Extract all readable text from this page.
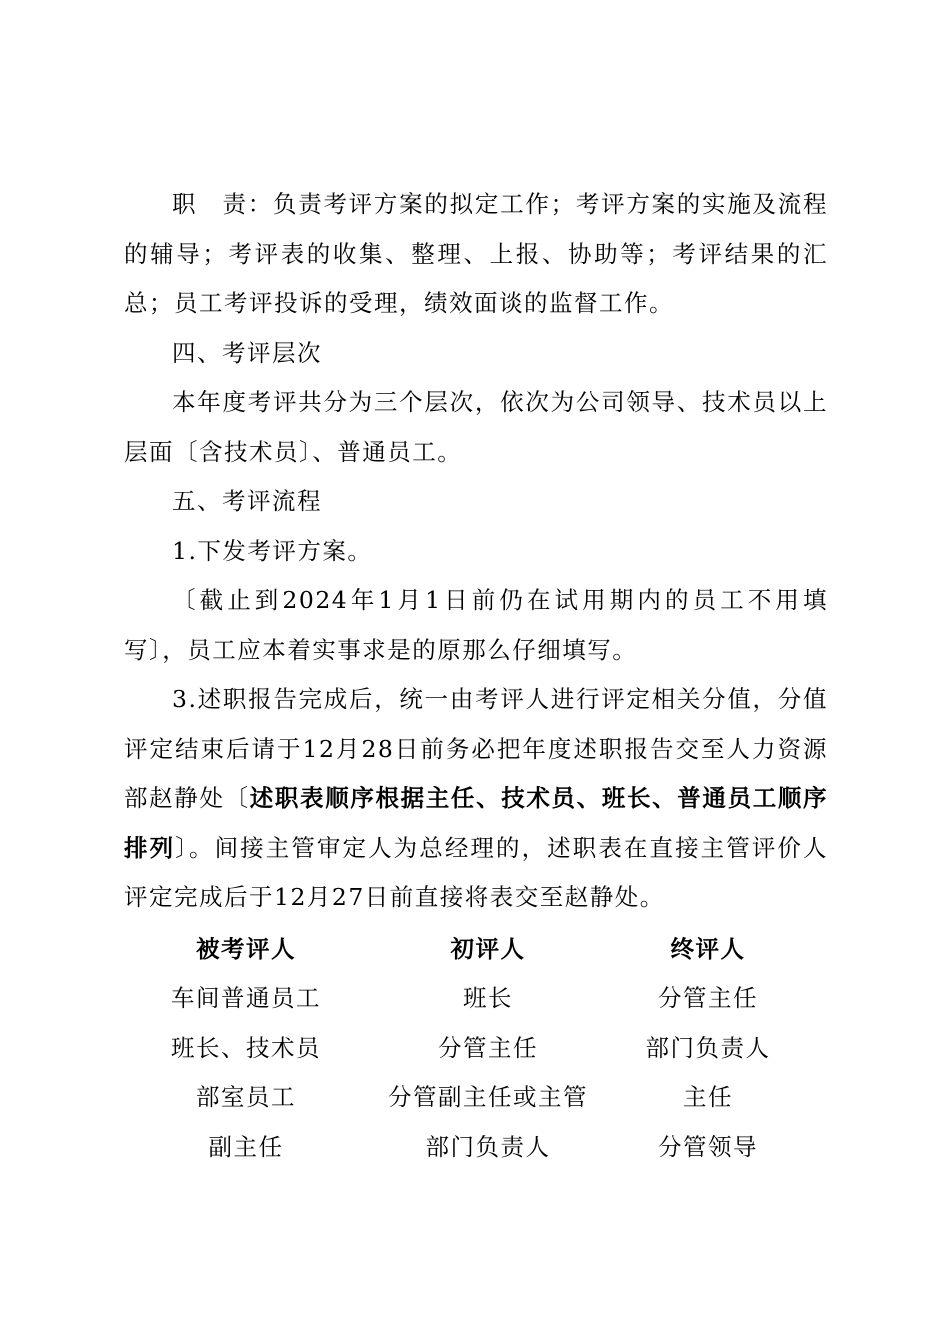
职　责：负责考评方案的拟定工作；考评方案的实施及流程的辅导；考评表的收集、整理、上报、协助等；考评结果的汇总；员工考评投诉的受理，绩效面谈的监督工作。

四、考评层次

本年度考评共分为三个层次，依次为公司领导、技术员以上层面〔含技术员〕、普通员工。

五、考评流程

1.下发考评方案。

〔截止到2024年1月1日前仍在试用期内的员工不用填写〕，员工应本着实事求是的原那么仔细填写。

3.述职报告完成后，统一由考评人进行评定相关分值，分值评定结束后请于12月28日前务必把年度述职报告交至人力资源部赵静处〔述职表顺序根据主任、技术员、班长、普通员工顺序排列〕。间接主管审定人为总经理的，述职表在直接主管评价人评定完成后于12月27日前直接将表交至赵静处。

被考评人	初评人	终评人
车间普通员工	班长	分管主任
班长、技术员	分管主任	部门负责人
部室员工	分管副主任或主管	主任
副主任	部门负责人	分管领导
